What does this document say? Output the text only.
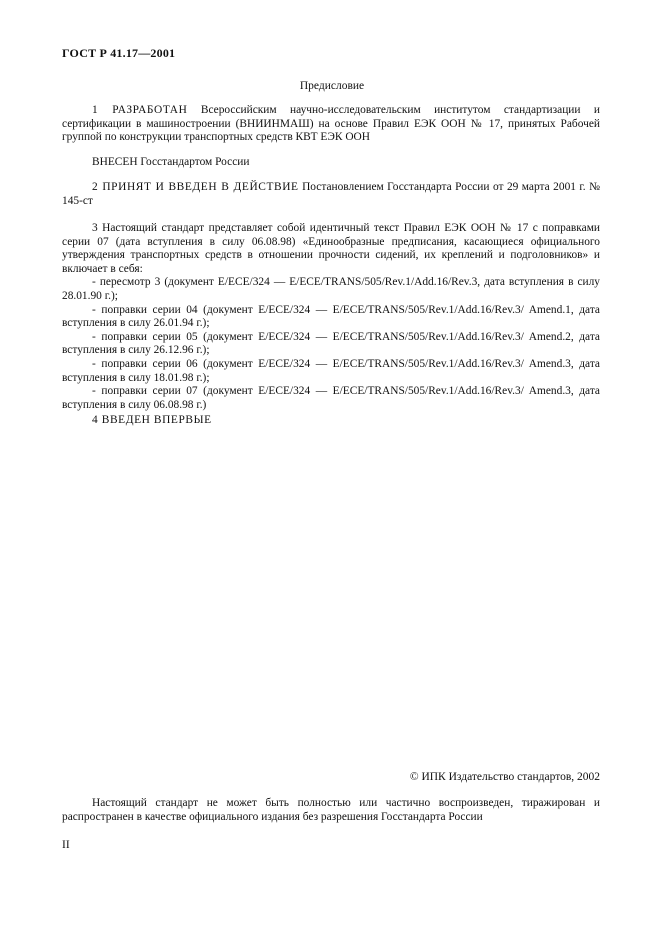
ГОСТ Р 41.17—2001
Предисловие

1 РАЗРАБОТАН Всероссийским научно-исследовательским институтом стандартизации и сертификации в машиностроении (ВНИИНМАШ) на основе Правил ЕЭК ООН № 17, принятых Рабочей группой по конструкции транспортных средств КВТ ЕЭК ООН

ВНЕСЕН Госстандартом России

2 ПРИНЯТ И ВВЕДЕН В ДЕЙСТВИЕ Постановлением Госстандарта России от 29 марта 2001 г. № 145-ст

3 Настоящий стандарт представляет собой идентичный текст Правил ЕЭК ООН № 17 с поправками серии 07 (дата вступления в силу 06.08.98) «Единообразные предписания, касающиеся официального утверждения транспортных средств в отношении прочности сидений, их креплений и подголовников» и включает в себя:

- пересмотр 3 (документ E/ECE/324 — E/ECE/TRANS/505/Rev.1/Add.16/Rev.3, дата вступления в силу 28.01.90 г.);

- поправки серии 04 (документ E/ECE/324 — E/ECE/TRANS/505/Rev.1/Add.16/Rev.3/ Amend.1, дата вступления в силу 26.01.94 г.);

- поправки серии 05 (документ E/ECE/324 — E/ECE/TRANS/505/Rev.1/Add.16/Rev.3/ Amend.2, дата вступления в силу 26.12.96 г.);

- поправки серии 06 (документ E/ECE/324 — E/ECE/TRANS/505/Rev.1/Add.16/Rev.3/ Amend.3, дата вступления в силу 18.01.98 г.);

- поправки серии 07 (документ E/ECE/324 — E/ECE/TRANS/505/Rev.1/Add.16/Rev.3/ Amend.3, дата вступления в силу 06.08.98 г.)

4 ВВЕДЕН ВПЕРВЫЕ

© ИПК Издательство стандартов, 2002

Настоящий стандарт не может быть полностью или частично воспроизведен, тиражирован и распространен в качестве официального издания без разрешения Госстандарта России

II
